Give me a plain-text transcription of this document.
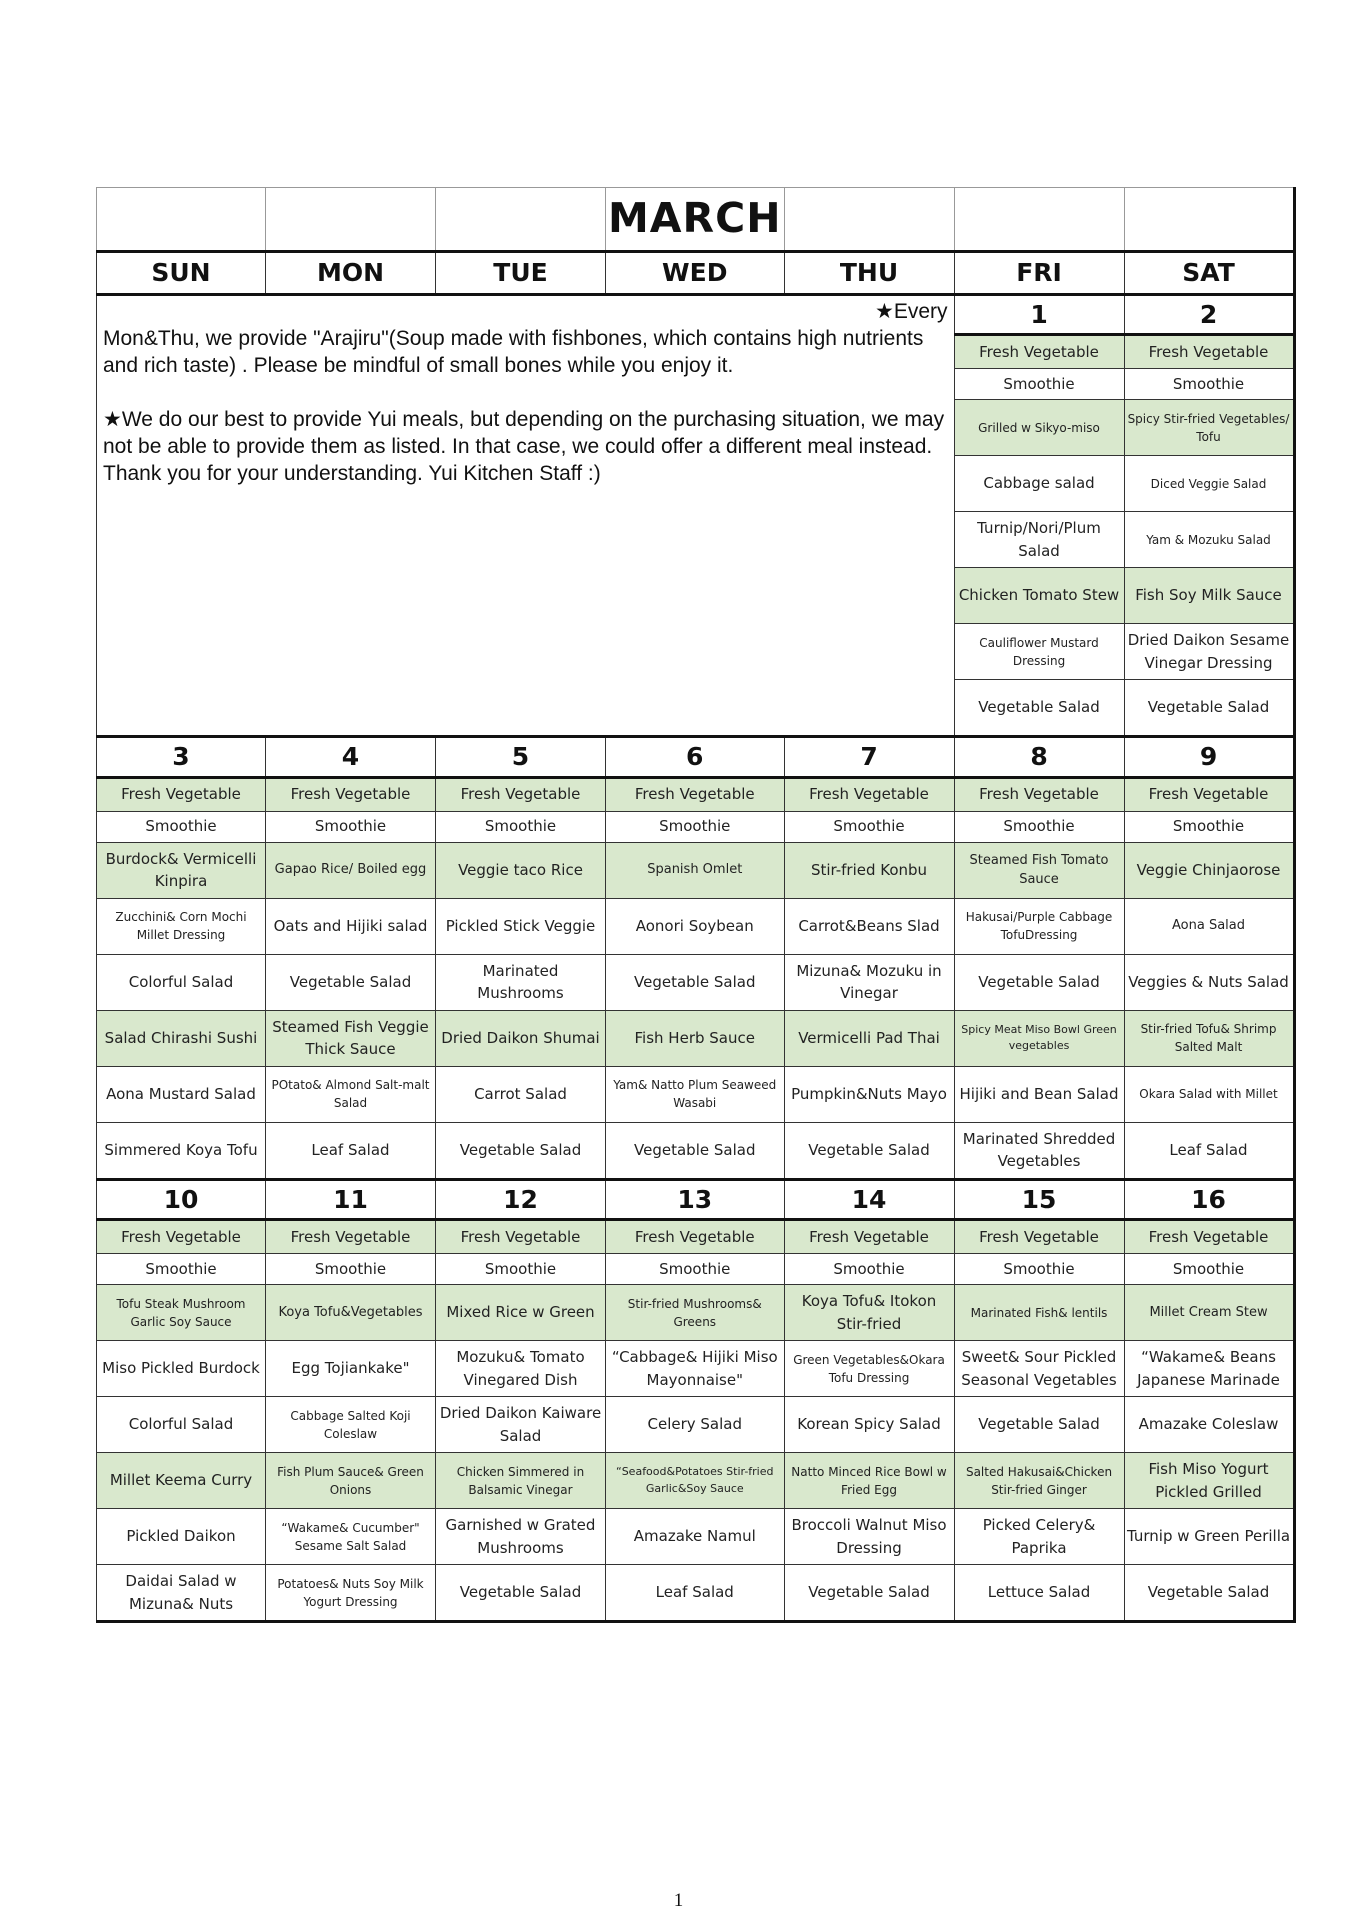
			MARCH			
SUN	MON	TUE	WED	THU	FRI	SAT

★Every
Mon&Thu, we provide "Arajiru"(Soup made with fishbones, which contains high nutrients and rich taste) . Please be mindful of small bones while you enjoy it.
★We do our best to provide Yui meals, but depending on the purchasing situation, we may not be able to provide them as listed. In that case, we could offer a different meal instead. Thank you for your understanding. Yui Kitchen Staff :)					1	2
					Fresh Vegetable	Fresh Vegetable
					Smoothie	Smoothie
					Grilled w Sikyo-miso	Spicy Stir-fried Vegetables/ Tofu
					Cabbage salad	Diced Veggie Salad
					Turnip/Nori/Plum Salad	Yam & Mozuku Salad
					Chicken Tomato Stew	Fish Soy Milk Sauce
					Cauliflower Mustard Dressing	Dried Daikon Sesame Vinegar Dressing
					Vegetable Salad	Vegetable Salad
3	4	5	6	7	8	9
Fresh Vegetable	Fresh Vegetable	Fresh Vegetable	Fresh Vegetable	Fresh Vegetable	Fresh Vegetable	Fresh Vegetable
Smoothie	Smoothie	Smoothie	Smoothie	Smoothie	Smoothie	Smoothie
Burdock& Vermicelli Kinpira	Gapao Rice/ Boiled egg	Veggie taco Rice	Spanish Omlet	Stir-fried Konbu	Steamed Fish Tomato Sauce	Veggie Chinjaorose
Zucchini& Corn Mochi Millet Dressing	Oats and Hijiki salad	Pickled Stick Veggie	Aonori Soybean	Carrot&Beans Slad	Hakusai/Purple Cabbage TofuDressing	Aona Salad
Colorful Salad	Vegetable Salad	Marinated Mushrooms	Vegetable Salad	Mizuna& Mozuku in Vinegar	Vegetable Salad	Veggies & Nuts Salad
Salad Chirashi Sushi	Steamed Fish Veggie Thick Sauce	Dried Daikon Shumai	Fish Herb Sauce	Vermicelli Pad Thai	Spicy Meat Miso Bowl Green vegetables	Stir-fried Tofu& Shrimp Salted Malt
Aona Mustard Salad	POtato& Almond Salt-malt Salad	Carrot Salad	Yam& Natto Plum Seaweed Wasabi	Pumpkin&Nuts Mayo	Hijiki and Bean Salad	Okara Salad with Millet
Simmered Koya Tofu	Leaf Salad	Vegetable Salad	Vegetable Salad	Vegetable Salad	Marinated Shredded Vegetables	Leaf Salad
10	11	12	13	14	15	16
Fresh Vegetable	Fresh Vegetable	Fresh Vegetable	Fresh Vegetable	Fresh Vegetable	Fresh Vegetable	Fresh Vegetable
Smoothie	Smoothie	Smoothie	Smoothie	Smoothie	Smoothie	Smoothie
Tofu Steak Mushroom Garlic Soy Sauce	Koya Tofu&Vegetables	Mixed Rice w Green	Stir-fried Mushrooms& Greens	Koya Tofu& Itokon Stir-fried	Marinated Fish& lentils	Millet Cream Stew
Miso Pickled Burdock	Egg Tojiankake"	Mozuku& Tomato Vinegared Dish	“Cabbage& Hijiki Miso Mayonnaise"	Green Vegetables&Okara Tofu Dressing	Sweet& Sour Pickled Seasonal Vegetables	“Wakame& Beans Japanese Marinade
Colorful Salad	Cabbage Salted Koji Coleslaw	Dried Daikon Kaiware Salad	Celery Salad	Korean Spicy Salad	Vegetable Salad	Amazake Coleslaw
Millet Keema Curry	Fish Plum Sauce& Green Onions	Chicken Simmered in Balsamic Vinegar	“Seafood&Potatoes Stir-fried Garlic&Soy Sauce	Natto Minced Rice Bowl w Fried Egg	Salted Hakusai&Chicken Stir-fried Ginger	Fish Miso Yogurt Pickled Grilled
Pickled Daikon	“Wakame& Cucumber" Sesame Salt Salad	Garnished w Grated Mushrooms	Amazake Namul	Broccoli Walnut Miso Dressing	Picked Celery& Paprika	Turnip w Green Perilla
Daidai Salad w Mizuna& Nuts	Potatoes& Nuts Soy Milk Yogurt Dressing	Vegetable Salad	Leaf Salad	Vegetable Salad	Lettuce Salad	Vegetable Salad
1
